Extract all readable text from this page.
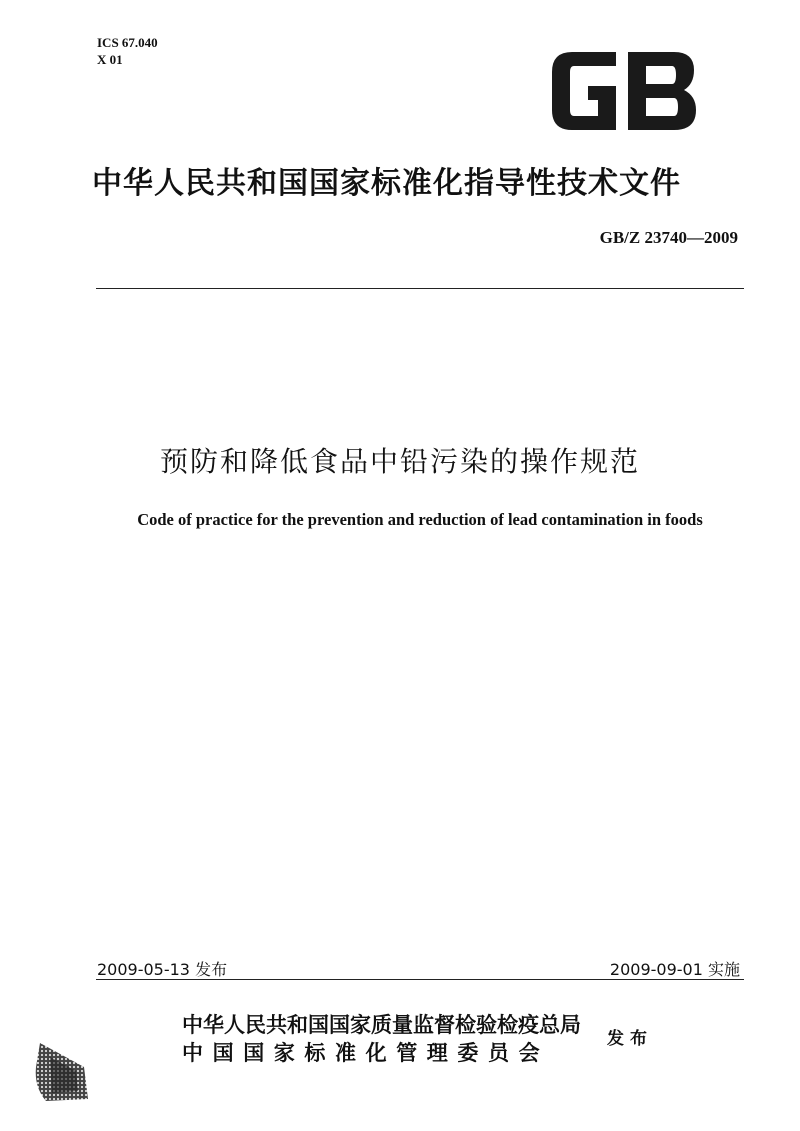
ICS 67.040
X 01
中华人民共和国国家标准化指导性技术文件
GB/Z 23740—2009
预防和降低食品中铅污染的操作规范
Code of practice for the prevention and reduction of lead contamination in foods
2009-05-13 发布	2009-09-01 实施
中华人民共和国国家质量监督检验检疫总局
中国国家标准化管理委员会
发布
